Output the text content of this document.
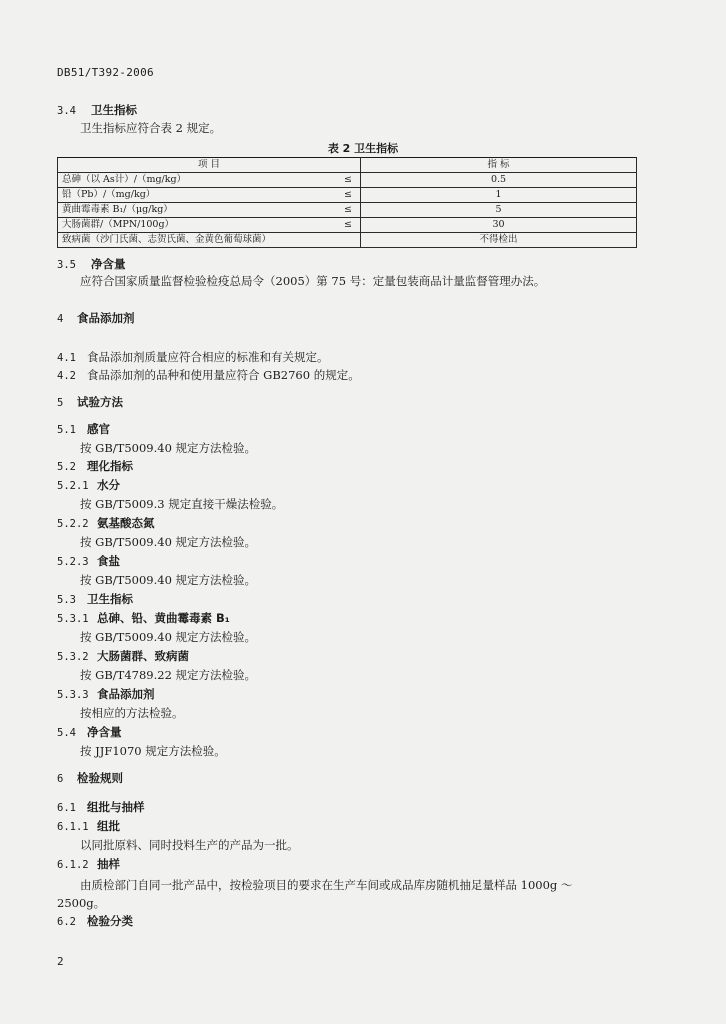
DB51/T392-2006
3.4 卫生指标
卫生指标应符合表 2 规定。
表 2 卫生指标
项 目		指 标
总砷（以 As计）/（mg/kg）	≤	0.5
铅（Pb）/（mg/kg）	≤	1
黄曲霉毒素 B₁/（μg/kg）	≤	5
大肠菌群/（MPN/100g）	≤	30
致病菌（沙门氏菌、志贺氏菌、金黄色葡萄球菌）		不得检出
3.5 净含量
应符合国家质量监督检验检疫总局令（2005）第 75 号：定量包装商品计量监督管理办法。
4 食品添加剂
4.1 食品添加剂质量应符合相应的标准和有关规定。
4.2 食品添加剂的品种和使用量应符合 GB2760 的规定。
5 试验方法
5.1 感官
按 GB/T5009.40 规定方法检验。
5.2 理化指标
5.2.1 水分
按 GB/T5009.3 规定直接干燥法检验。
5.2.2 氨基酸态氮
按 GB/T5009.40 规定方法检验。
5.2.3 食盐
按 GB/T5009.40 规定方法检验。
5.3 卫生指标
5.3.1 总砷、铅、黄曲霉毒素 B₁
按 GB/T5009.40 规定方法检验。
5.3.2 大肠菌群、致病菌
按 GB/T4789.22 规定方法检验。
5.3.3 食品添加剂
按相应的方法检验。
5.4 净含量
按 JJF1070 规定方法检验。
6 检验规则
6.1 组批与抽样
6.1.1 组批
以同批原料、同时投料生产的产品为一批。
6.1.2 抽样
由质检部门自同一批产品中，按检验项目的要求在生产车间或成品库房随机抽足量样品 1000g ～
2500g。
6.2 检验分类
2
